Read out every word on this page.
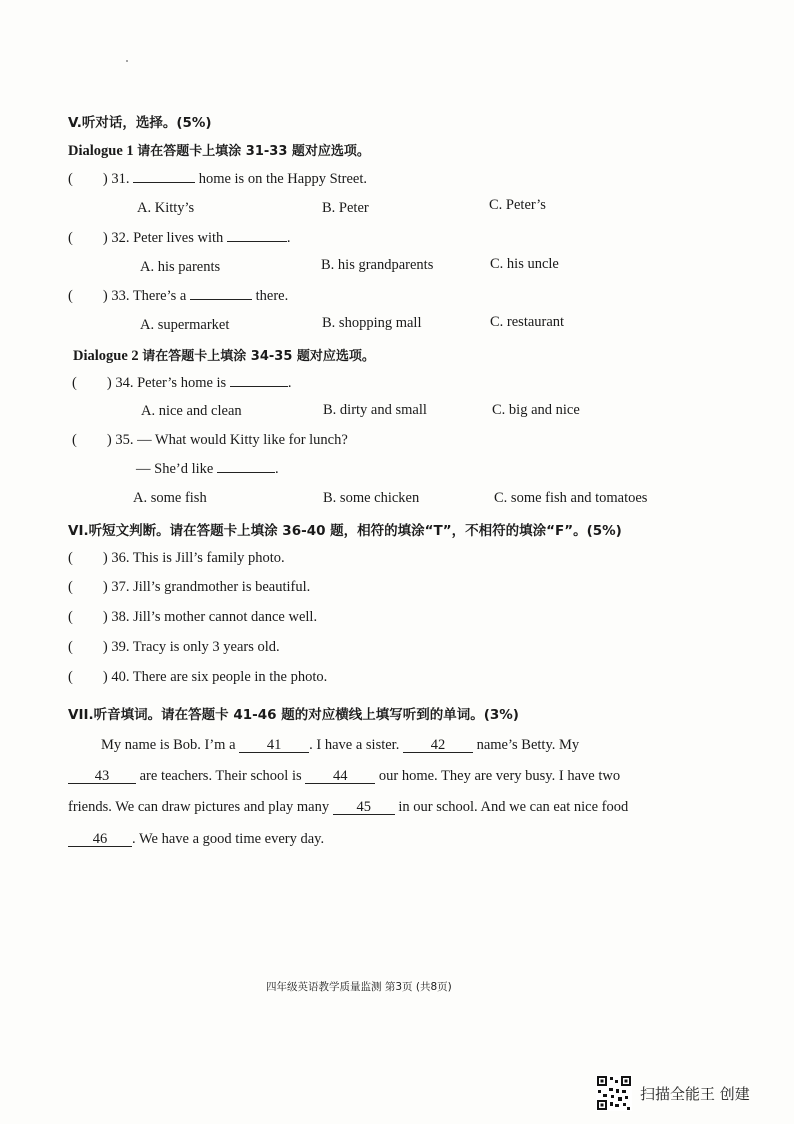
V.听对话，选择。(5%)
Dialogue 1 请在答题卡上填涂 31-33 题对应选项。
( ) 31.	home is on the Happy Street.
A. Kitty’s	B. Peter	C. Peter’s
( ) 32. Peter lives with	.
A. his parents	B. his grandparents	C. his uncle
( ) 33. There’s a	there.
A. supermarket	B. shopping mall	C. restaurant
Dialogue 2 请在答题卡上填涂 34-35 题对应选项。
( ) 34. Peter’s home is	.
A. nice and clean	B. dirty and small	C. big and nice
( ) 35. — What would Kitty like for lunch?
— She’d like	.
A. some fish	B. some chicken	C. some fish and tomatoes
VI.听短文判断。请在答题卡上填涂 36-40 题，相符的填涂“T”，不相符的填涂“F”。(5%)
( ) 36. This is Jill’s family photo.
( ) 37. Jill’s grandmother is beautiful.
( ) 38. Jill’s mother cannot dance well.
( ) 39. Tracy is only 3 years old.
( ) 40. There are six people in the photo.
VII.听音填词。请在答题卡 41-46 题的对应横线上填写听到的单词。(3%)
My name is Bob. I’m a 41 . I have a sister. 42 name’s Betty. My
43 are teachers. Their school is 44 our home. They are very busy. I have two
friends. We can draw pictures and play many 45 in our school. And we can eat nice food
46 . We have a good time every day.
四年级英语教学质量监测 第3页 (共8页)
扫描全能王 创建
